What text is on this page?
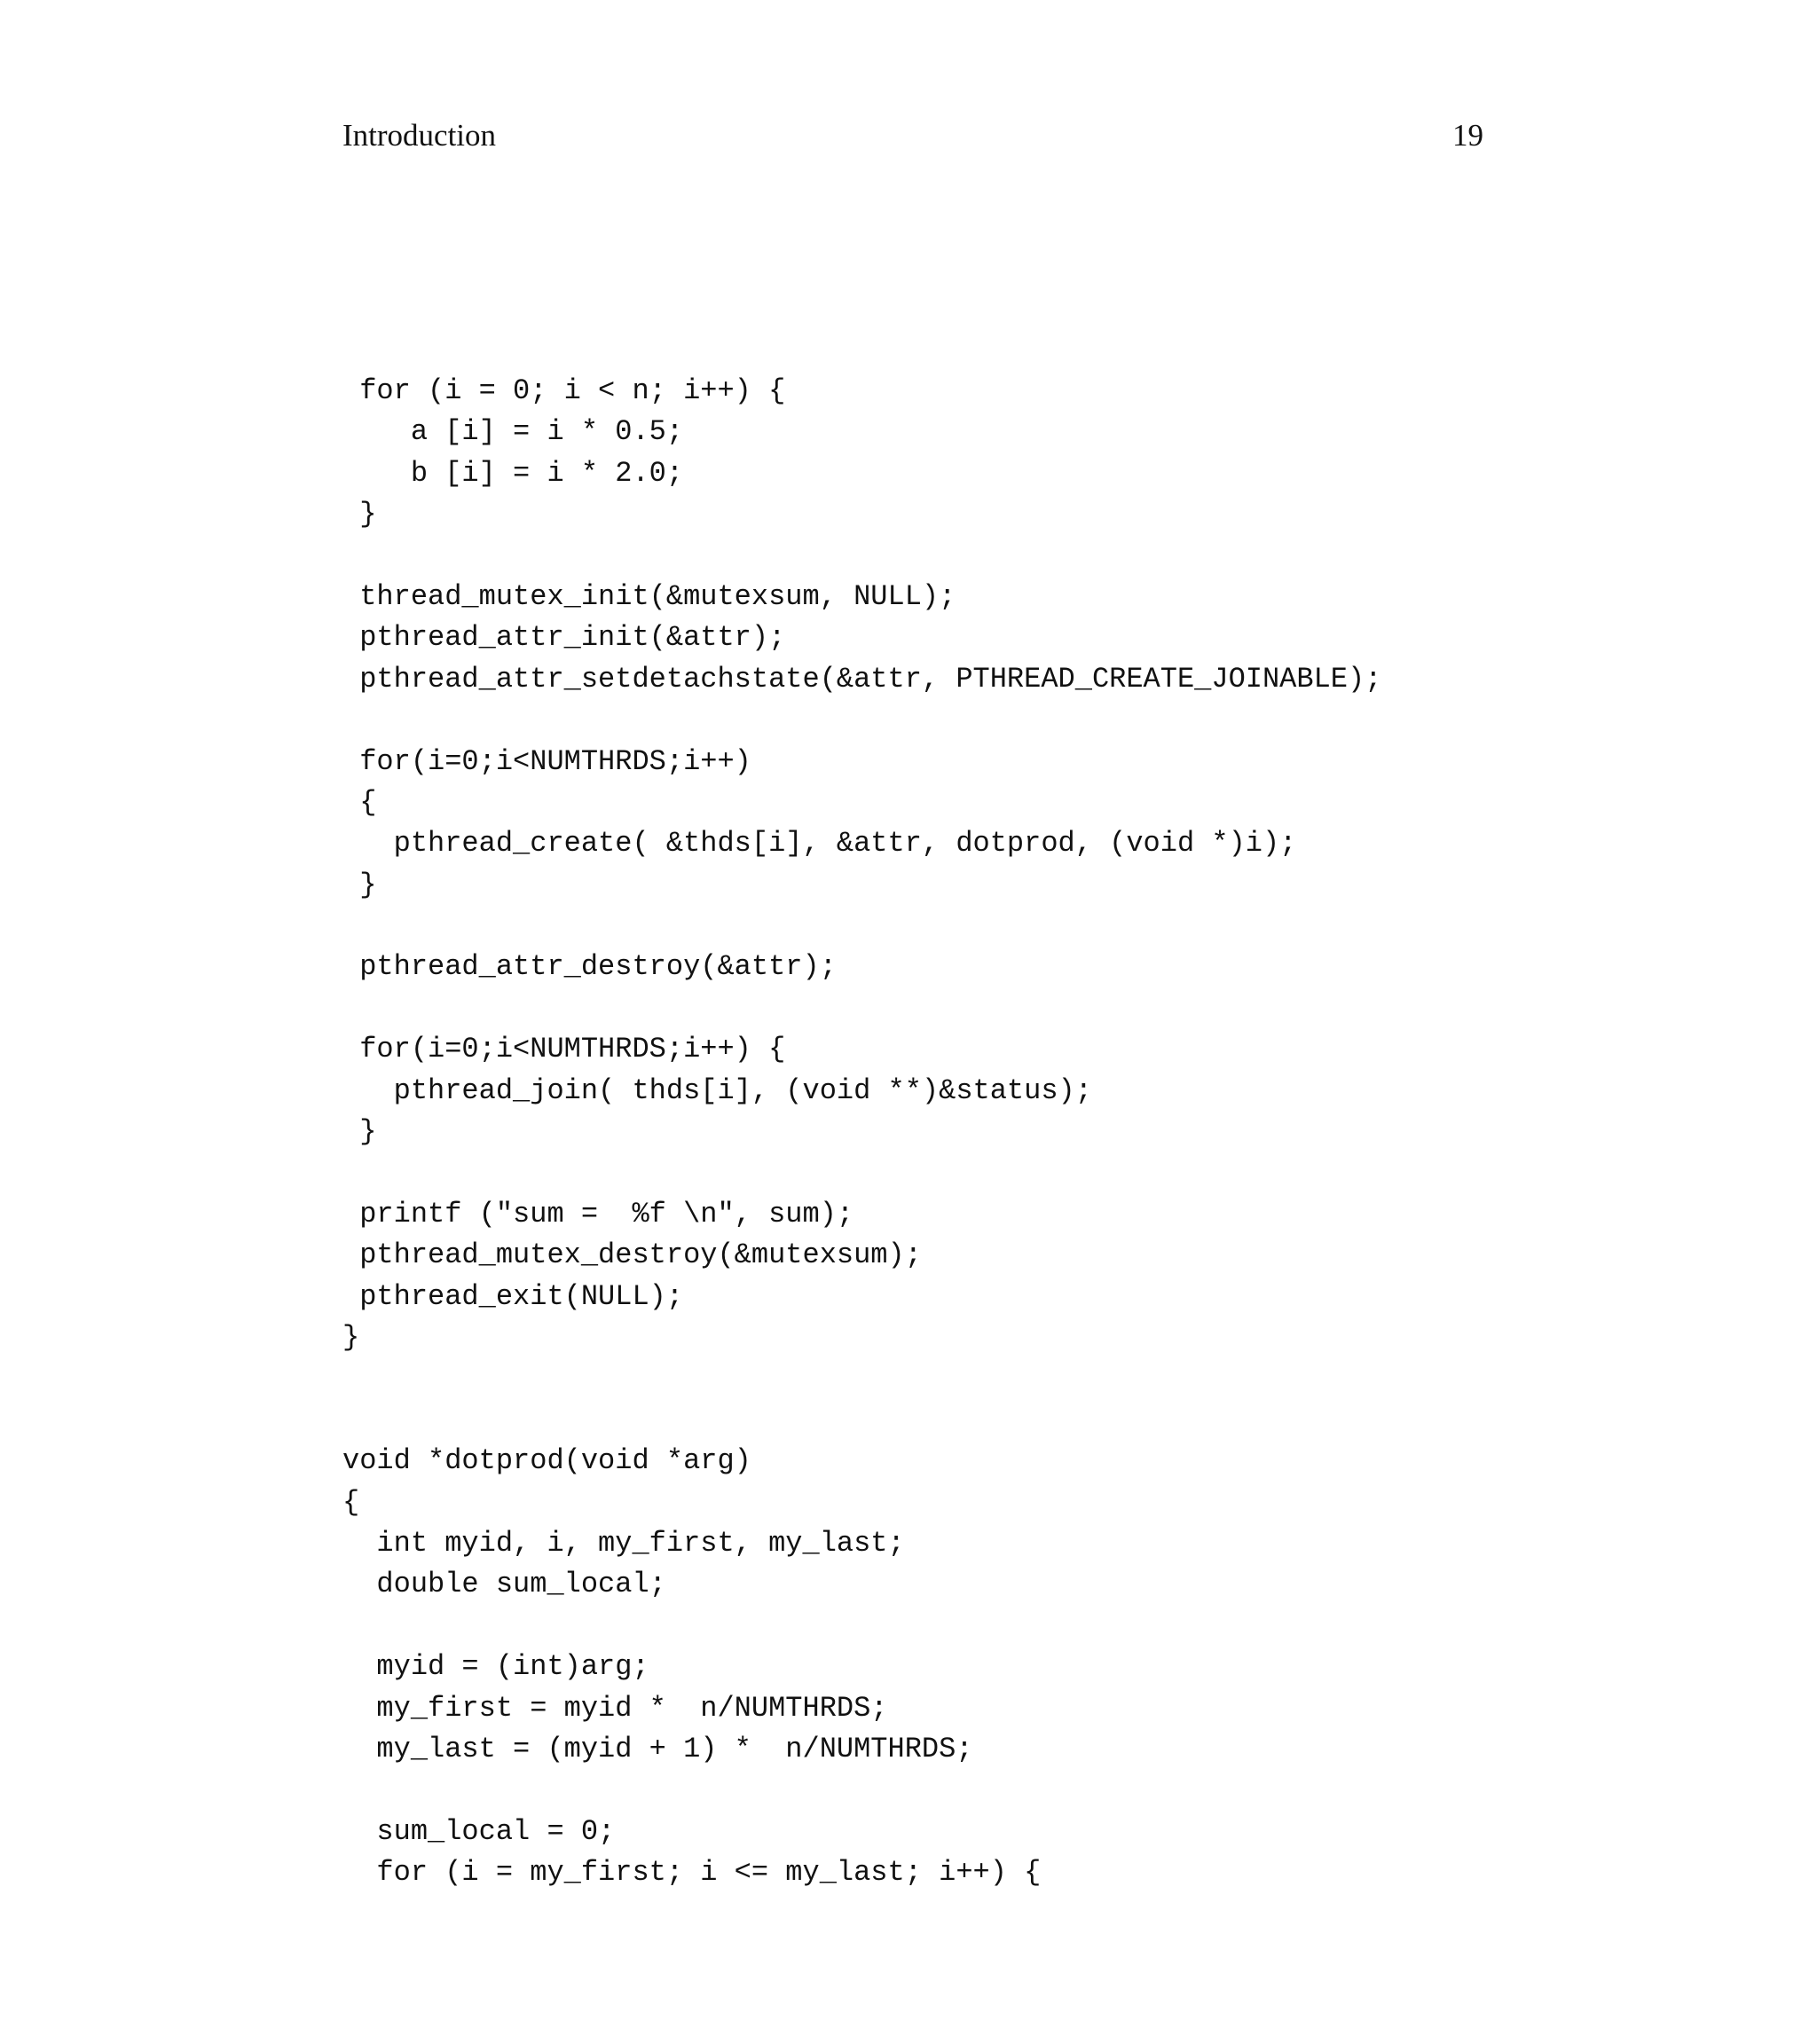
Introduction	19
for (i = 0; i < n; i++) {
a [i] = i * 0.5;
b [i] = i * 2.0;
}
thread_mutex_init(&mutexsum, NULL);
pthread_attr_init(&attr);
pthread_attr_setdetachstate(&attr, PTHREAD_CREATE_JOINABLE);
for(i=0;i<NUMTHRDS;i++)
{
pthread_create( &thds[i], &attr, dotprod, (void *)i);
}
pthread_attr_destroy(&attr);
for(i=0;i<NUMTHRDS;i++) {
pthread_join( thds[i], (void **)&status);
}
printf ("sum =  %f \n", sum);
pthread_mutex_destroy(&mutexsum);
pthread_exit(NULL);
}
void *dotprod(void *arg)
{
int myid, i, my_first, my_last;
double sum_local;
myid = (int)arg;
my_first = myid *  n/NUMTHRDS;
my_last = (myid + 1) *  n/NUMTHRDS;
sum_local = 0;
for (i = my_first; i <= my_last; i++) {
